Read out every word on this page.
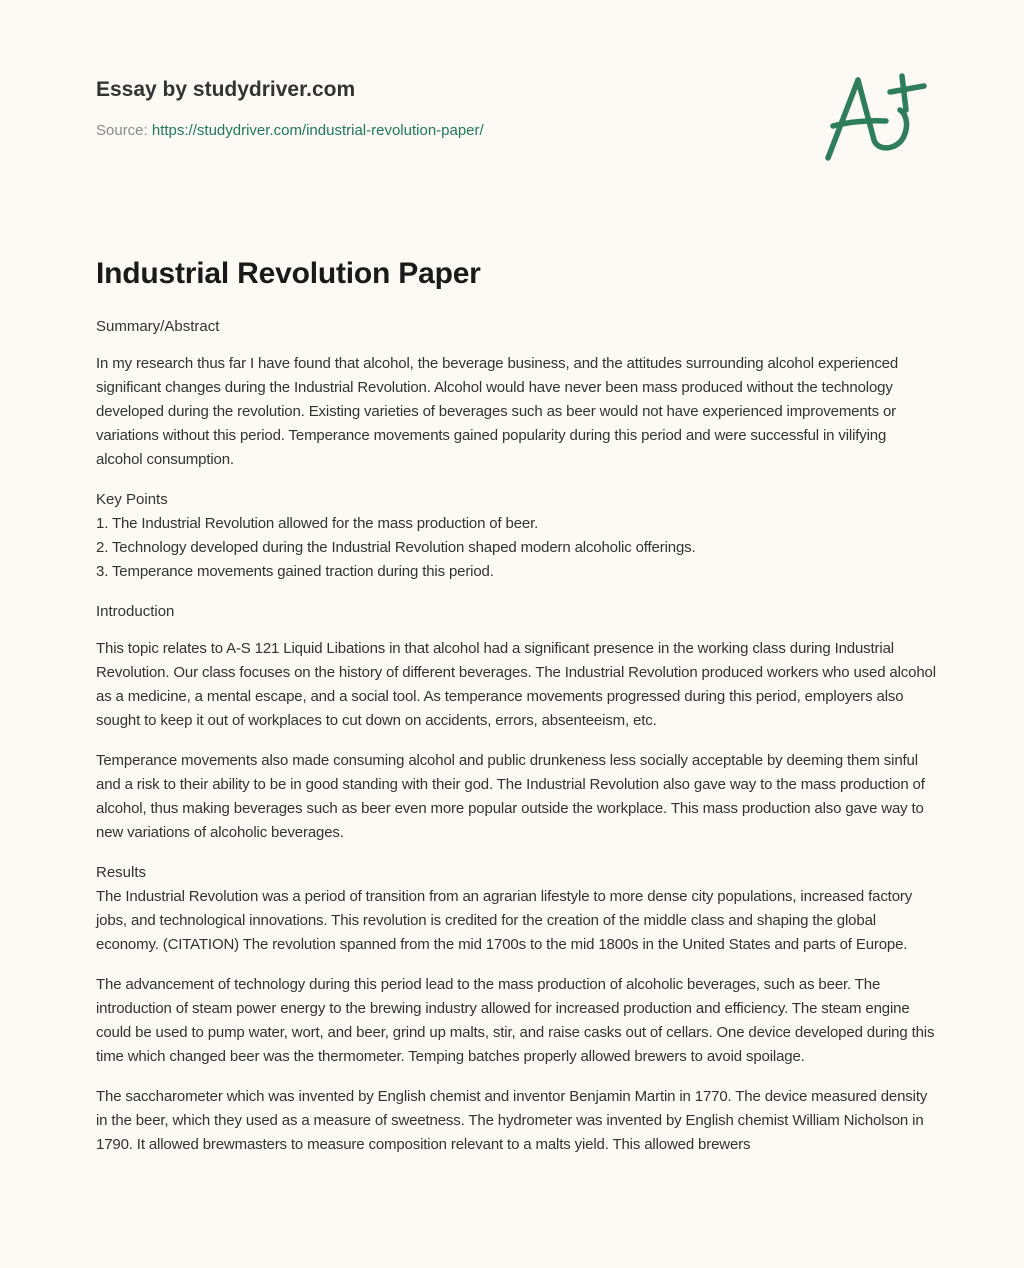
Essay by studydriver.com
Source: https://studydriver.com/industrial-revolution-paper/
Industrial Revolution Paper

Summary/Abstract

In my research thus far I have found that alcohol, the beverage business, and the attitudes surrounding alcohol experienced significant changes during the Industrial Revolution. Alcohol would have never been mass produced without the technology developed during the revolution. Existing varieties of beverages such as beer would not have experienced improvements or variations without this period. Temperance movements gained popularity during this period and were successful in vilifying alcohol consumption.

Key Points

1. The Industrial Revolution allowed for the mass production of beer.

2. Technology developed during the Industrial Revolution shaped modern alcoholic offerings.

3. Temperance movements gained traction during this period.

Introduction

This topic relates to A-S 121 Liquid Libations in that alcohol had a significant presence in the working class during Industrial Revolution. Our class focuses on the history of different beverages. The Industrial Revolution produced workers who used alcohol as a medicine, a mental escape, and a social tool. As temperance movements progressed during this period, employers also sought to keep it out of workplaces to cut down on accidents, errors, absenteeism, etc.

Temperance movements also made consuming alcohol and public drunkeness less socially acceptable by deeming them sinful and a risk to their ability to be in good standing with their god. The Industrial Revolution also gave way to the mass production of alcohol, thus making beverages such as beer even more popular outside the workplace. This mass production also gave way to new variations of alcoholic beverages.

Results

The Industrial Revolution was a period of transition from an agrarian lifestyle to more dense city populations, increased factory jobs, and technological innovations. This revolution is credited for the creation of the middle class and shaping the global economy. (CITATION) The revolution spanned from the mid 1700s to the mid 1800s in the United States and parts of Europe.

The advancement of technology during this period lead to the mass production of alcoholic beverages, such as beer. The introduction of steam power energy to the brewing industry allowed for increased production and efficiency. The steam engine could be used to pump water, wort, and beer, grind up malts, stir, and raise casks out of cellars. One device developed during this time which changed beer was the thermometer. Temping batches properly allowed brewers to avoid spoilage.

The saccharometer which was invented by English chemist and inventor Benjamin Martin in 1770. The device measured density in the beer, which they used as a measure of sweetness. The hydrometer was invented by English chemist William Nicholson in 1790. It allowed brewmasters to measure composition relevant to a malts yield. This allowed brewers
